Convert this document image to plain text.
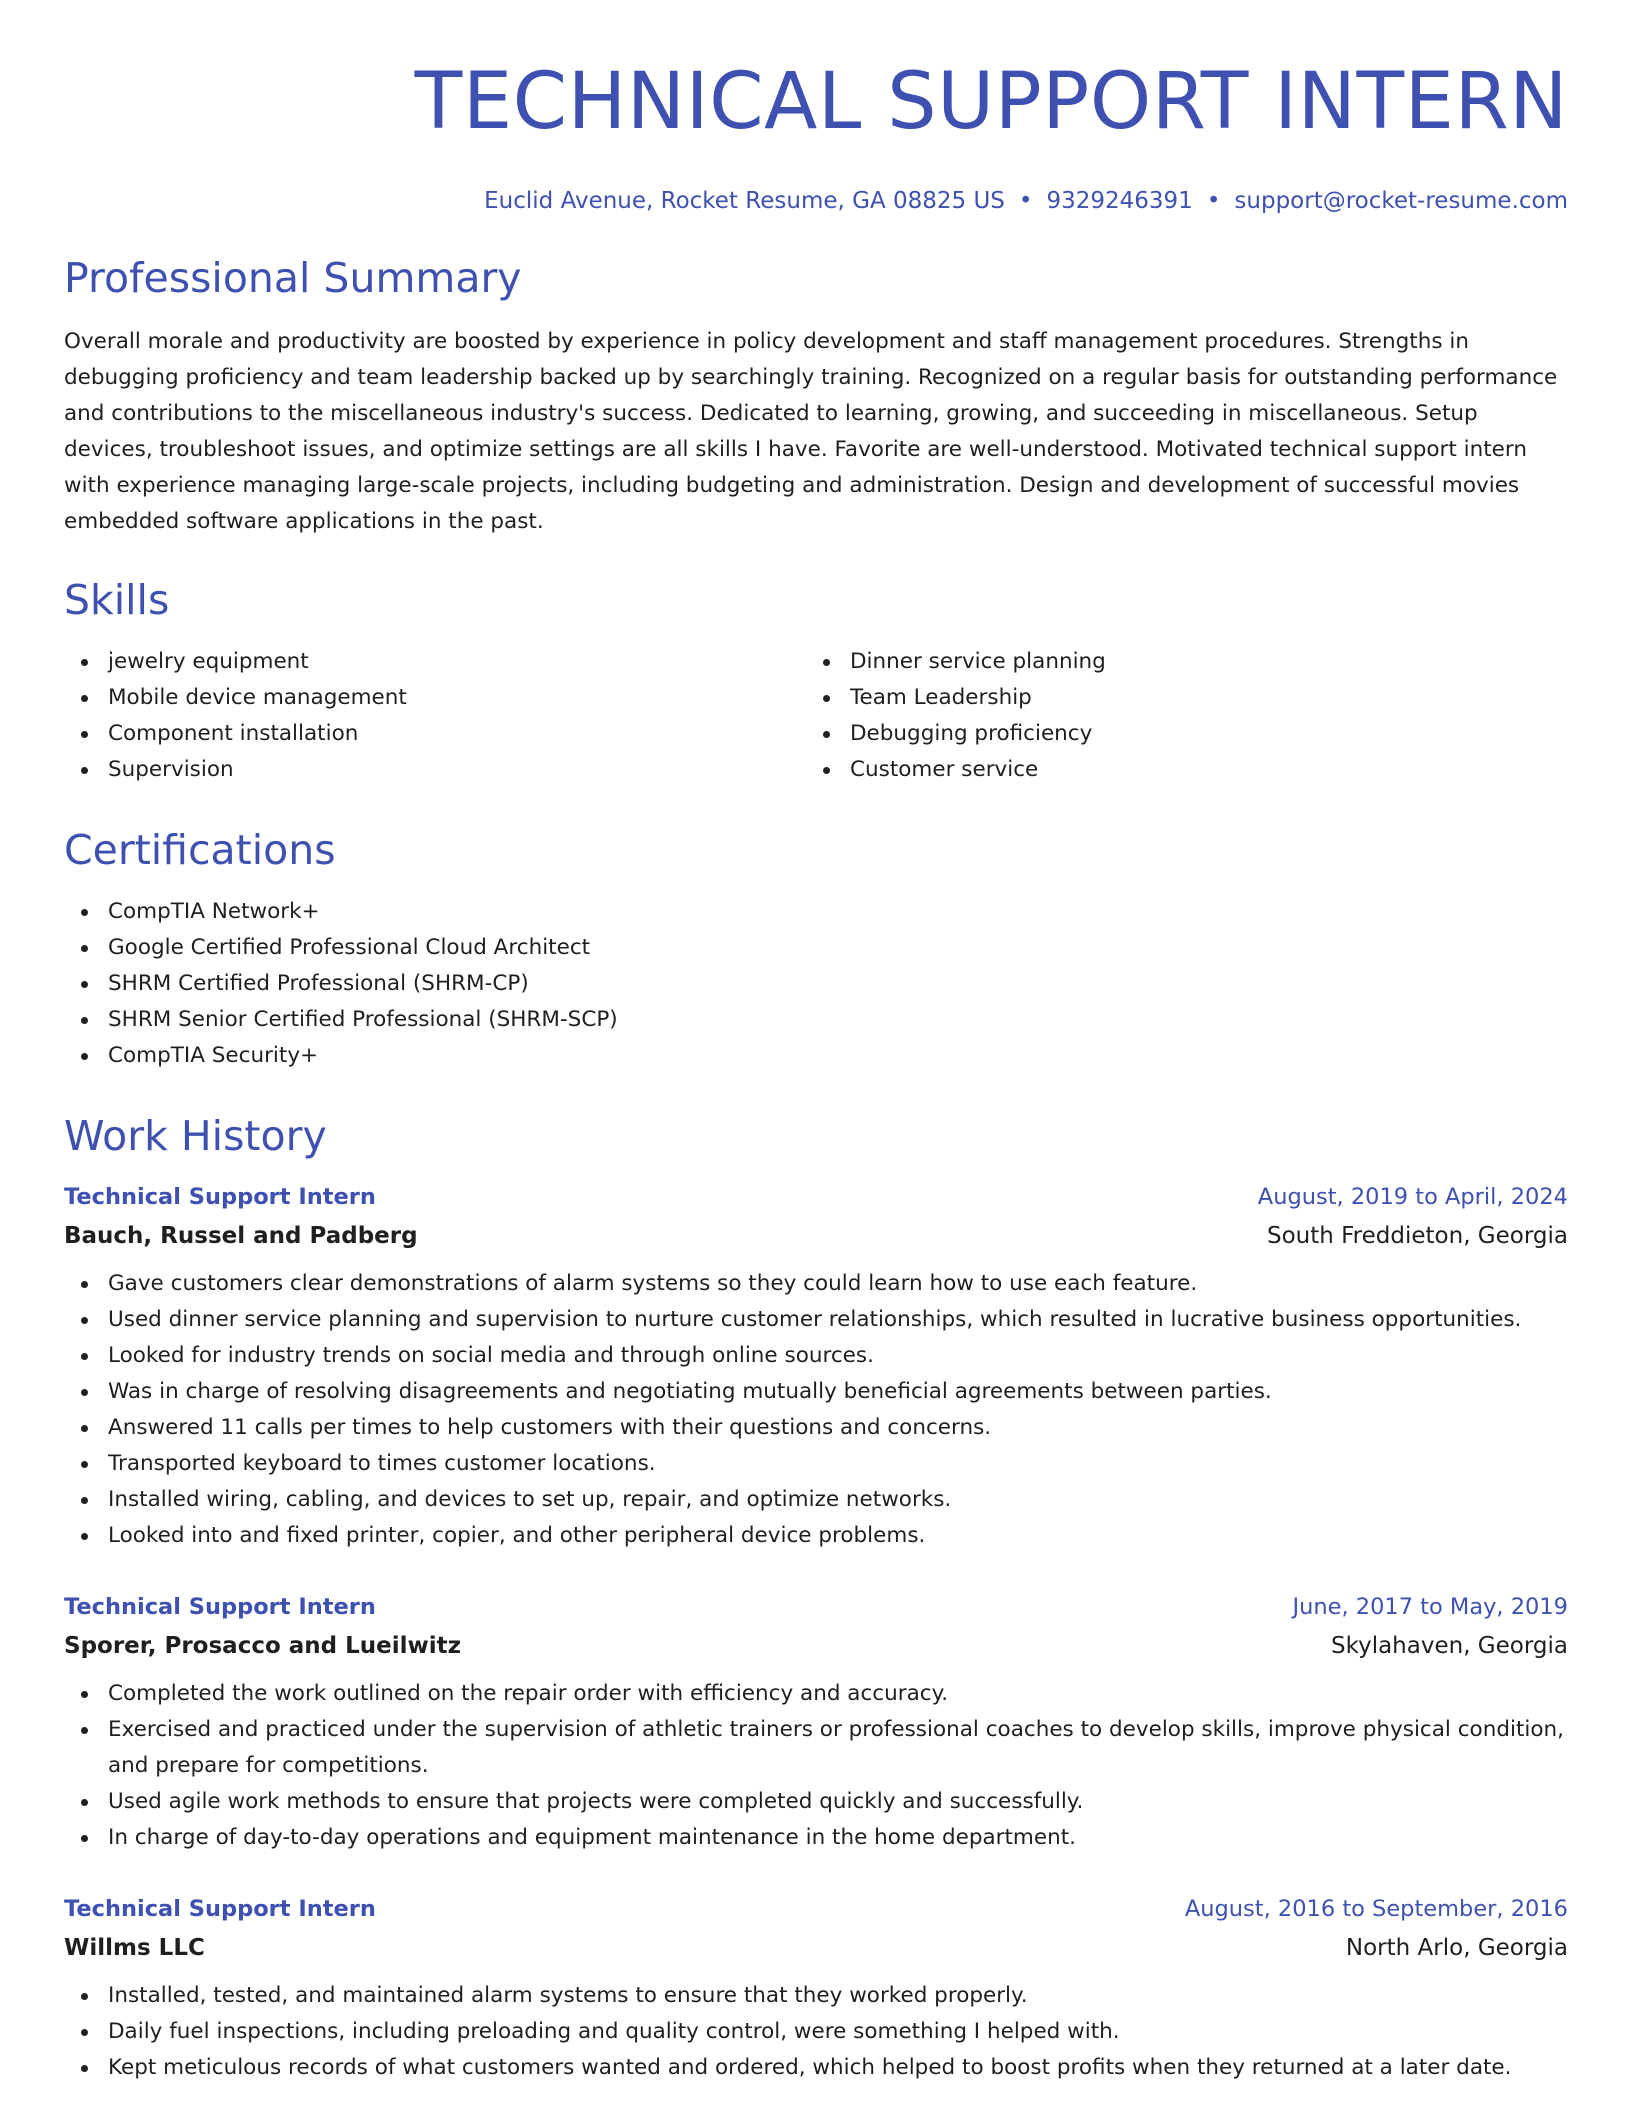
TECHNICAL SUPPORT INTERN
Euclid Avenue, Rocket Resume, GA 08825 US • 9329246391 • support@rocket-resume.com
Professional Summary

Overall morale and productivity are boosted by experience in policy development and staff management procedures. Strengths in debugging proficiency and team leadership backed up by searchingly training. Recognized on a regular basis for outstanding performance and contributions to the miscellaneous industry's success. Dedicated to learning, growing, and succeeding in miscellaneous. Setup devices, troubleshoot issues, and optimize settings are all skills I have. Favorite are well-understood. Motivated technical support intern with experience managing large-scale projects, including budgeting and administration. Design and development of successful movies embedded software applications in the past.

Skills
jewelry equipment
Mobile device management
Component installation
Supervision
Dinner service planning
Team Leadership
Debugging proficiency
Customer service
Certifications
CompTIA Network+
Google Certified Professional Cloud Architect
SHRM Certified Professional (SHRM-CP)
SHRM Senior Certified Professional (SHRM-SCP)
CompTIA Security+
Work History
Technical Support Intern	August, 2019 to April, 2024
Bauch, Russel and Padberg	South Freddieton, Georgia
Gave customers clear demonstrations of alarm systems so they could learn how to use each feature.
Used dinner service planning and supervision to nurture customer relationships, which resulted in lucrative business opportunities.
Looked for industry trends on social media and through online sources.
Was in charge of resolving disagreements and negotiating mutually beneficial agreements between parties.
Answered 11 calls per times to help customers with their questions and concerns.
Transported keyboard to times customer locations.
Installed wiring, cabling, and devices to set up, repair, and optimize networks.
Looked into and fixed printer, copier, and other peripheral device problems.
Technical Support Intern	June, 2017 to May, 2019
Sporer, Prosacco and Lueilwitz	Skylahaven, Georgia
Completed the work outlined on the repair order with efficiency and accuracy.
Exercised and practiced under the supervision of athletic trainers or professional coaches to develop skills, improve physical condition, and prepare for competitions.
Used agile work methods to ensure that projects were completed quickly and successfully.
In charge of day-to-day operations and equipment maintenance in the home department.
Technical Support Intern	August, 2016 to September, 2016
Willms LLC	North Arlo, Georgia
Installed, tested, and maintained alarm systems to ensure that they worked properly.
Daily fuel inspections, including preloading and quality control, were something I helped with.
Kept meticulous records of what customers wanted and ordered, which helped to boost profits when they returned at a later date.
